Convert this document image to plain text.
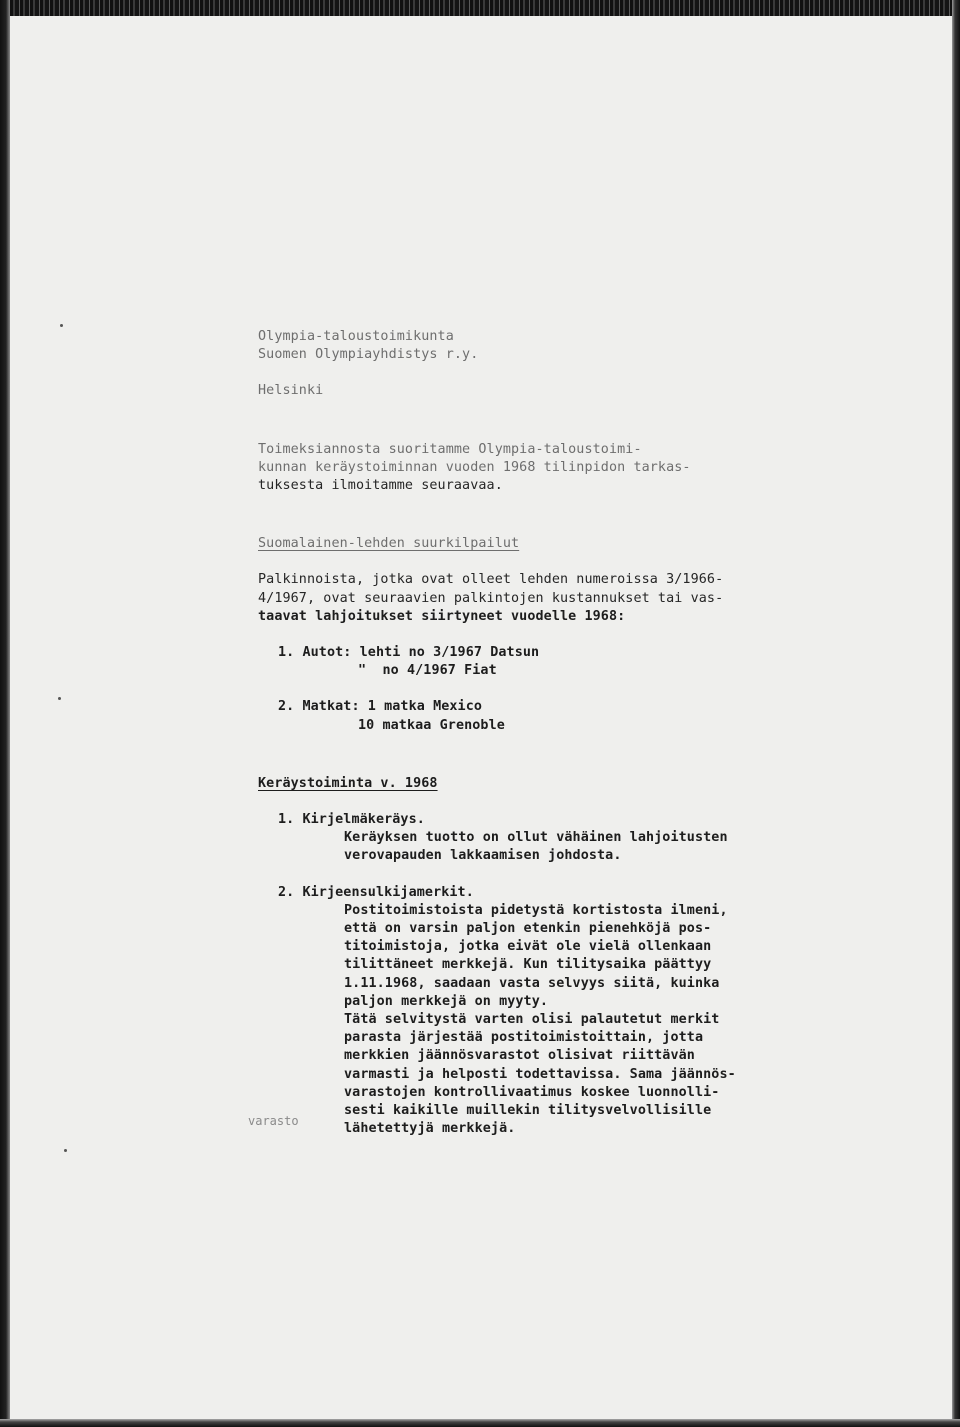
Olympia-taloustoimikunta
Suomen Olympiayhdistys r.y.
Helsinki
Toimeksiannosta suoritamme Olympia-taloustoimi-
kunnan keräystoiminnan vuoden 1968 tilinpidon tarkas-
tuksesta ilmoitamme seuraavaa.
Suomalainen-lehden suurkilpailut
Palkinnoista, jotka ovat olleet lehden numeroissa 3/1966-
4/1967, ovat seuraavien palkintojen kustannukset tai vas-
taavat lahjoitukset siirtyneet vuodelle 1968:
1. Autot: lehti no 3/1967 Datsun
"  no 4/1967 Fiat
2. Matkat: 1 matka Mexico
10 matkaa Grenoble
Keräystoiminta v. 1968
1. Kirjelmäkeräys.
Keräyksen tuotto on ollut vähäinen lahjoitusten
verovapauden lakkaamisen johdosta.
2. Kirjeensulkijamerkit.
Postitoimistoista pidetystä kortistosta ilmeni,
että on varsin paljon etenkin pienehköjä pos-
titoimistoja, jotka eivät ole vielä ollenkaan
tilittäneet merkkejä. Kun tilitysaika päättyy
1.11.1968, saadaan vasta selvyys siitä, kuinka
paljon merkkejä on myyty.
Tätä selvitystä varten olisi palautetut merkit
parasta järjestää postitoimistoittain, jotta
merkkien jäännösvarastot olisivat riittävän
varmasti ja helposti todettavissa. Sama jäännös-
varastojen kontrollivaatimus koskee luonnolli-
sesti kaikille muillekin tilitysvelvollisille
lähetettyjä merkkejä.
varasto
